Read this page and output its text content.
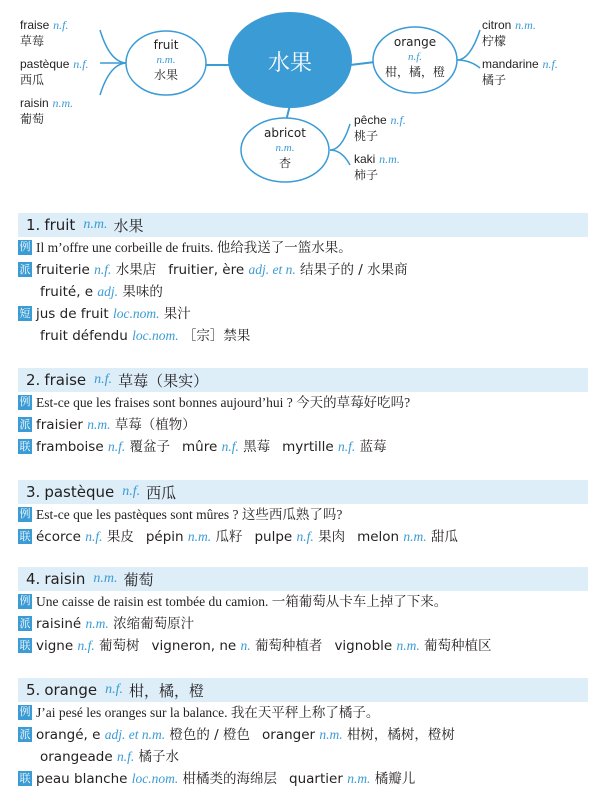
水果
fruit
n.m.
水果
orange
n.f.
柑，橘，橙
abricot
n.m.
杏
fraise n.f.
草莓
pastèque n.f.
西瓜
raisin n.m.
葡萄
citron n.m.
柠檬
mandarine n.f.
橘子
pêche n.f.
桃子
kaki n.m.
柿子
1. fruit n.m. 水果
例 Il m’offre une corbeille de fruits. 他给我送了一篮水果。
派 fruiterie n.f. 水果店 fruitier, ère adj. et n. 结果子的 / 水果商
fruité, e adj. 果味的
短 jus de fruit loc.nom. 果汁
fruit défendu loc.nom. ［宗］禁果
2. fraise n.f. 草莓（果实）
例 Est-ce que les fraises sont bonnes aujourd’hui ? 今天的草莓好吃吗?
派 fraisier n.m. 草莓（植物）
联 framboise n.f. 覆盆子 mûre n.f. 黑莓 myrtille n.f. 蓝莓
3. pastèque n.f. 西瓜
例 Est-ce que les pastèques sont mûres ? 这些西瓜熟了吗?
联 écorce n.f. 果皮 pépin n.m. 瓜籽 pulpe n.f. 果肉 melon n.m. 甜瓜
4. raisin n.m. 葡萄
例 Une caisse de raisin est tombée du camion. 一箱葡萄从卡车上掉了下来。
派 raisiné n.m. 浓缩葡萄原汁
联 vigne n.f. 葡萄树 vigneron, ne n. 葡萄种植者 vignoble n.m. 葡萄种植区
5. orange n.f. 柑，橘，橙
例 J’ai pesé les oranges sur la balance. 我在天平秤上称了橘子。
派 orangé, e adj. et n.m. 橙色的 / 橙色 oranger n.m. 柑树，橘树，橙树
orangeade n.f. 橘子水
联 peau blanche loc.nom. 柑橘类的海绵层 quartier n.m. 橘瓣儿
